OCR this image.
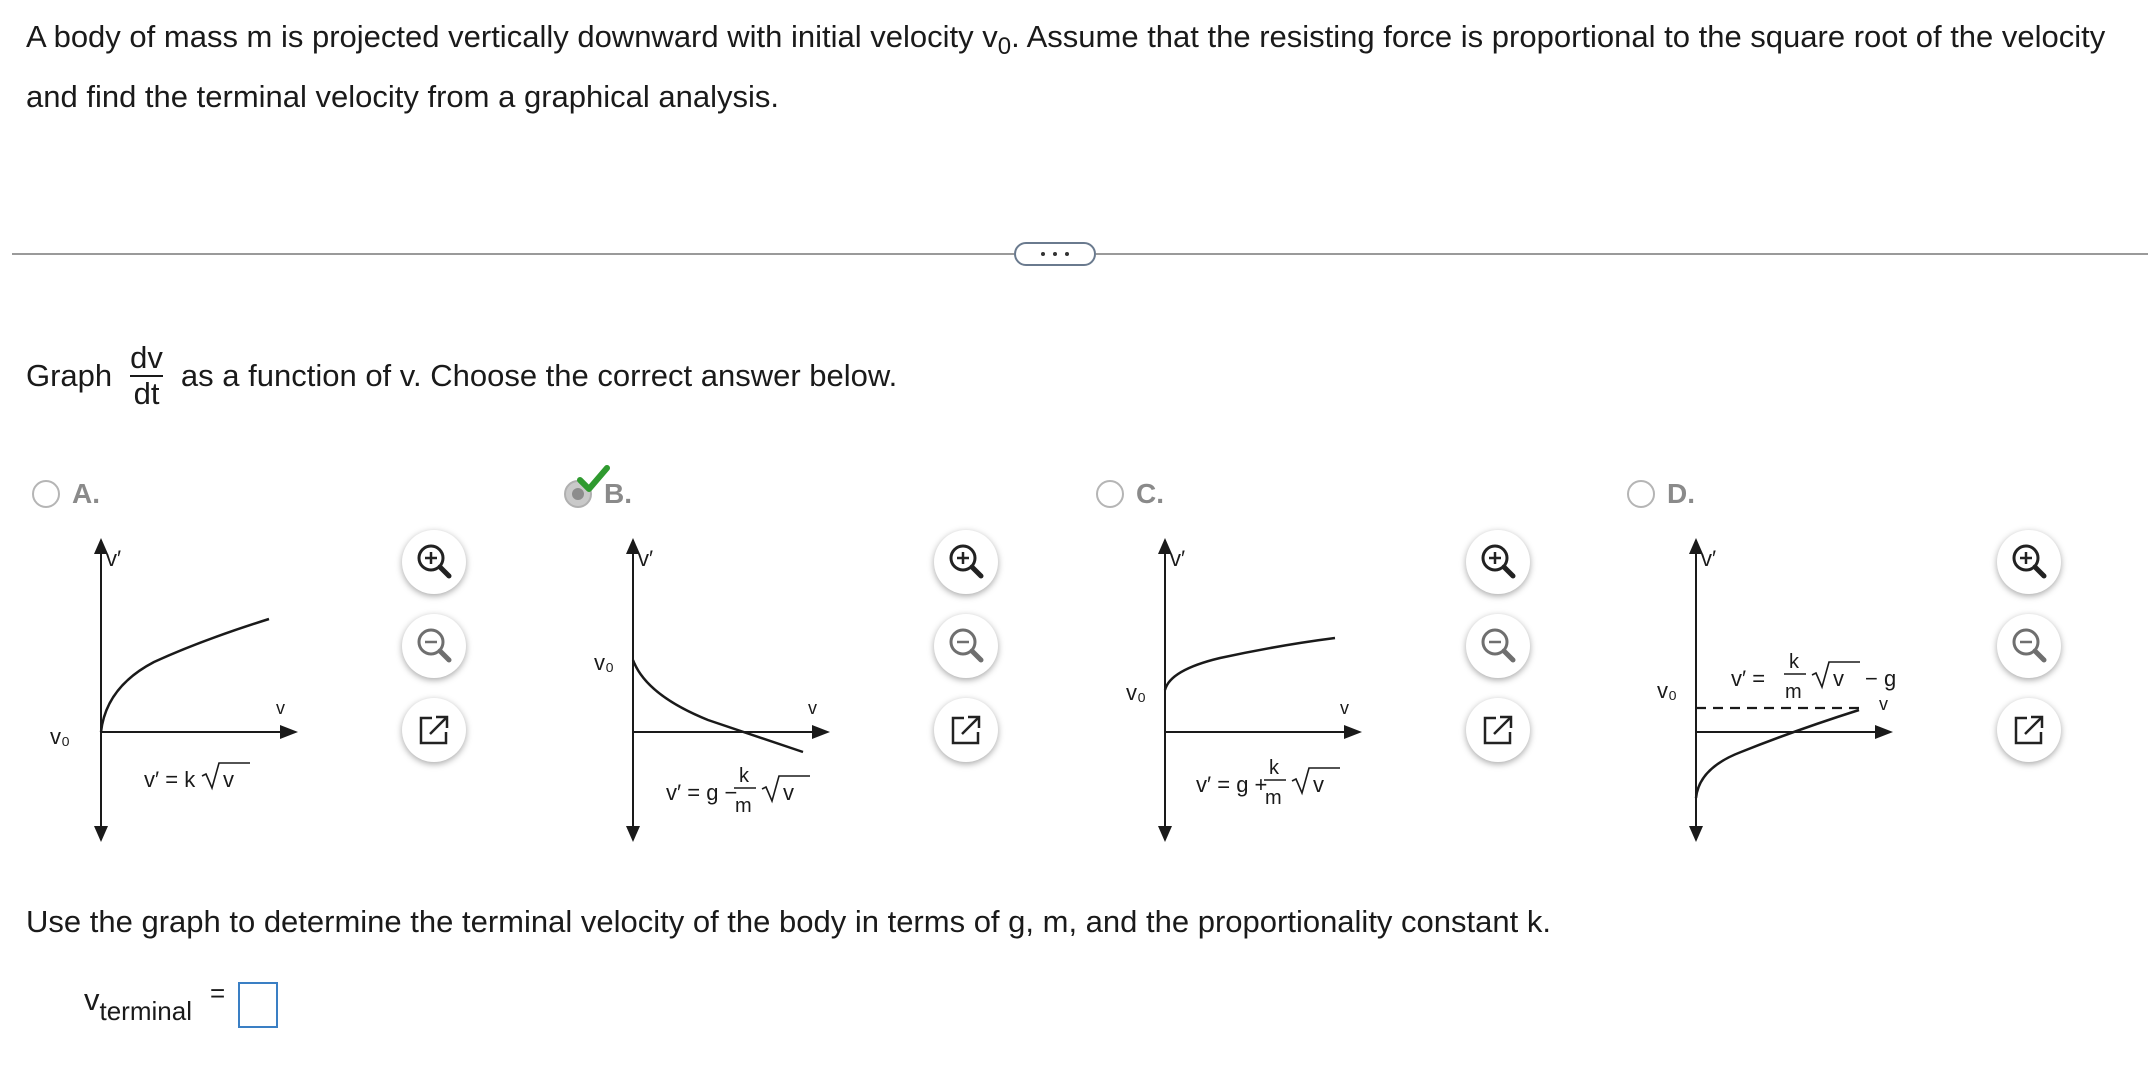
A body of mass m is projected vertically downward with initial velocity $v_0$. Assume that the resisting force is proportional to the square root of the velocity and find the terminal velocity from a graphical analysis.
Graph $\frac{dv}{dt}$ as a function of v. Choose the correct answer below.
A.
v′
v
v₀
v′ = k v
B.
v′
v
v₀
v′ = g −
k
m
v
C.
v′
v
v₀
v′ = g +
k
m
v
D.
v′
v
v₀ v′ =
k
m
v − g
Use the graph to determine the terminal velocity of the body in terms of g, m, and the proportionality constant k.
$v_{terminal}$
=
